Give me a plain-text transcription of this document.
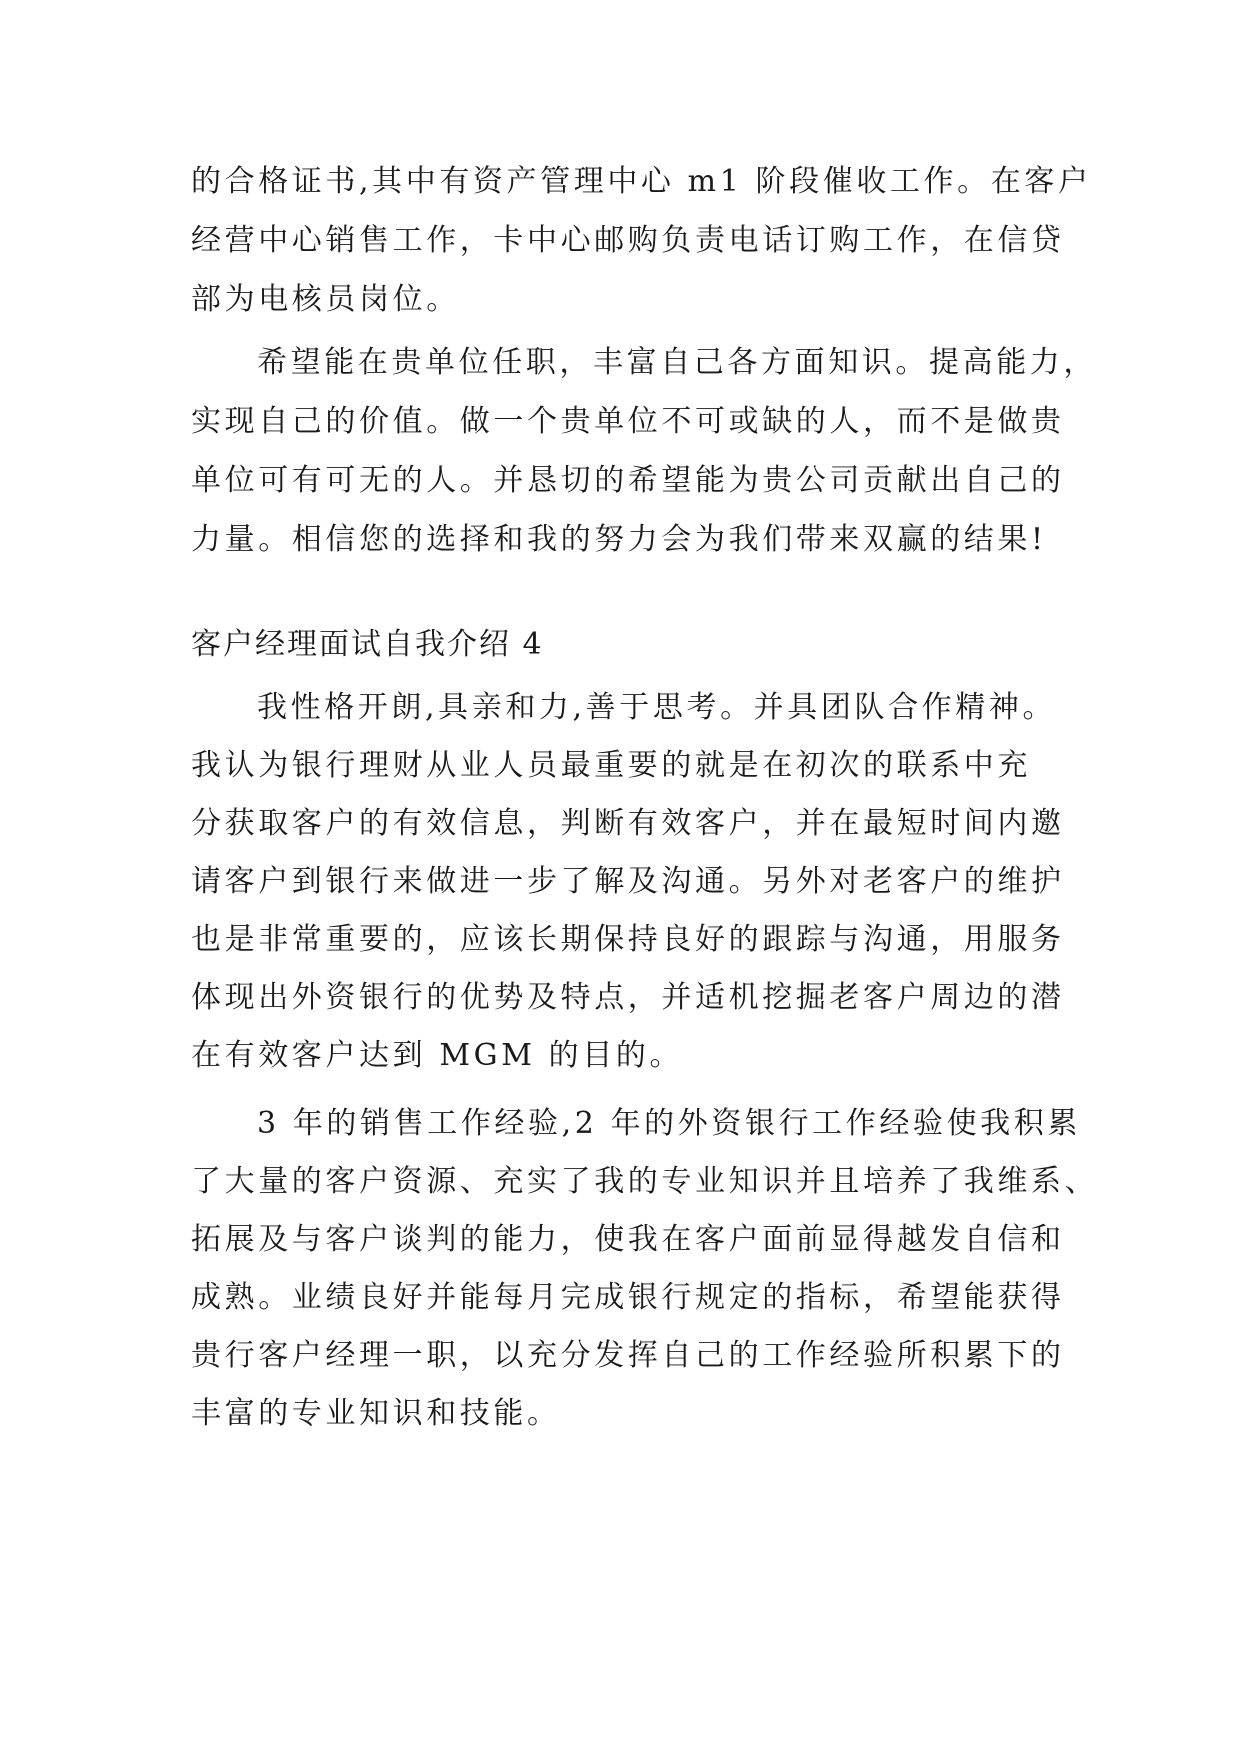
的合格证书,其中有资产管理中心 m1 阶段催收工作。在客户
经营中心销售工作，卡中心邮购负责电话订购工作，在信贷
部为电核员岗位。
希望能在贵单位任职，丰富自己各方面知识。提高能力，
实现自己的价值。做一个贵单位不可或缺的人，而不是做贵
单位可有可无的人。并恳切的希望能为贵公司贡献出自己的
力量。相信您的选择和我的努力会为我们带来双赢的结果!
客户经理面试自我介绍 4
我性格开朗,具亲和力,善于思考。并具团队合作精神。
我认为银行理财从业人员最重要的就是在初次的联系中充
分获取客户的有效信息，判断有效客户，并在最短时间内邀
请客户到银行来做进一步了解及沟通。另外对老客户的维护
也是非常重要的，应该长期保持良好的跟踪与沟通，用服务
体现出外资银行的优势及特点，并适机挖掘老客户周边的潜
在有效客户达到 MGM 的目的。
3 年的销售工作经验,2 年的外资银行工作经验使我积累
了大量的客户资源、充实了我的专业知识并且培养了我维系、
拓展及与客户谈判的能力，使我在客户面前显得越发自信和
成熟。业绩良好并能每月完成银行规定的指标，希望能获得
贵行客户经理一职，以充分发挥自己的工作经验所积累下的
丰富的专业知识和技能。
